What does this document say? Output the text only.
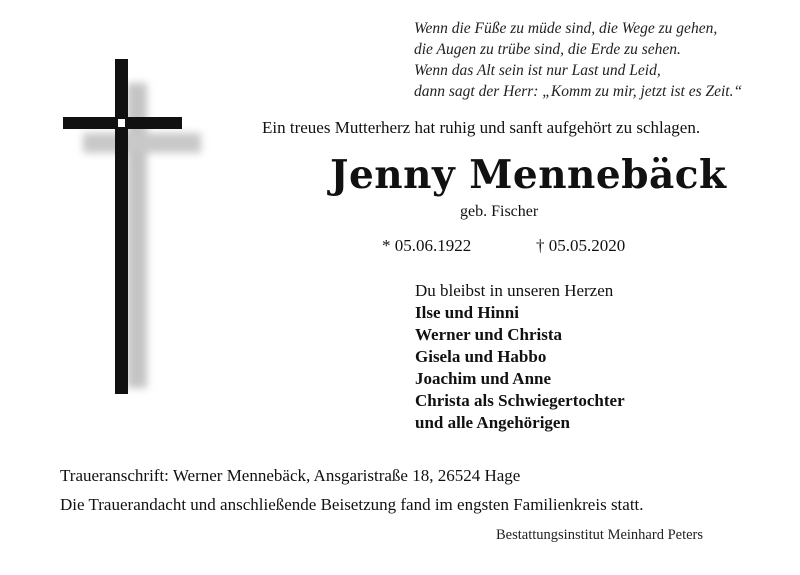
Wenn die Füße zu müde sind, die Wege zu gehen,
die Augen zu trübe sind, die Erde zu sehen.
Wenn das Alt sein ist nur Last und Leid,
dann sagt der Herr: „Komm zu mir, jetzt ist es Zeit.“
Ein treues Mutterherz hat ruhig und sanft aufgehört zu schlagen.
Jenny Mennebäck
geb. Fischer
* 05.06.1922	† 05.05.2020
Du bleibst in unseren Herzen
Ilse und Hinni
Werner und Christa
Gisela und Habbo
Joachim und Anne
Christa als Schwiegertochter
und alle Angehörigen
Traueranschrift: Werner Mennebäck, Ansgaristraße 18, 26524 Hage
Die Trauerandacht und anschließende Beisetzung fand im engsten Familienkreis statt.
Bestattungsinstitut Meinhard Peters
